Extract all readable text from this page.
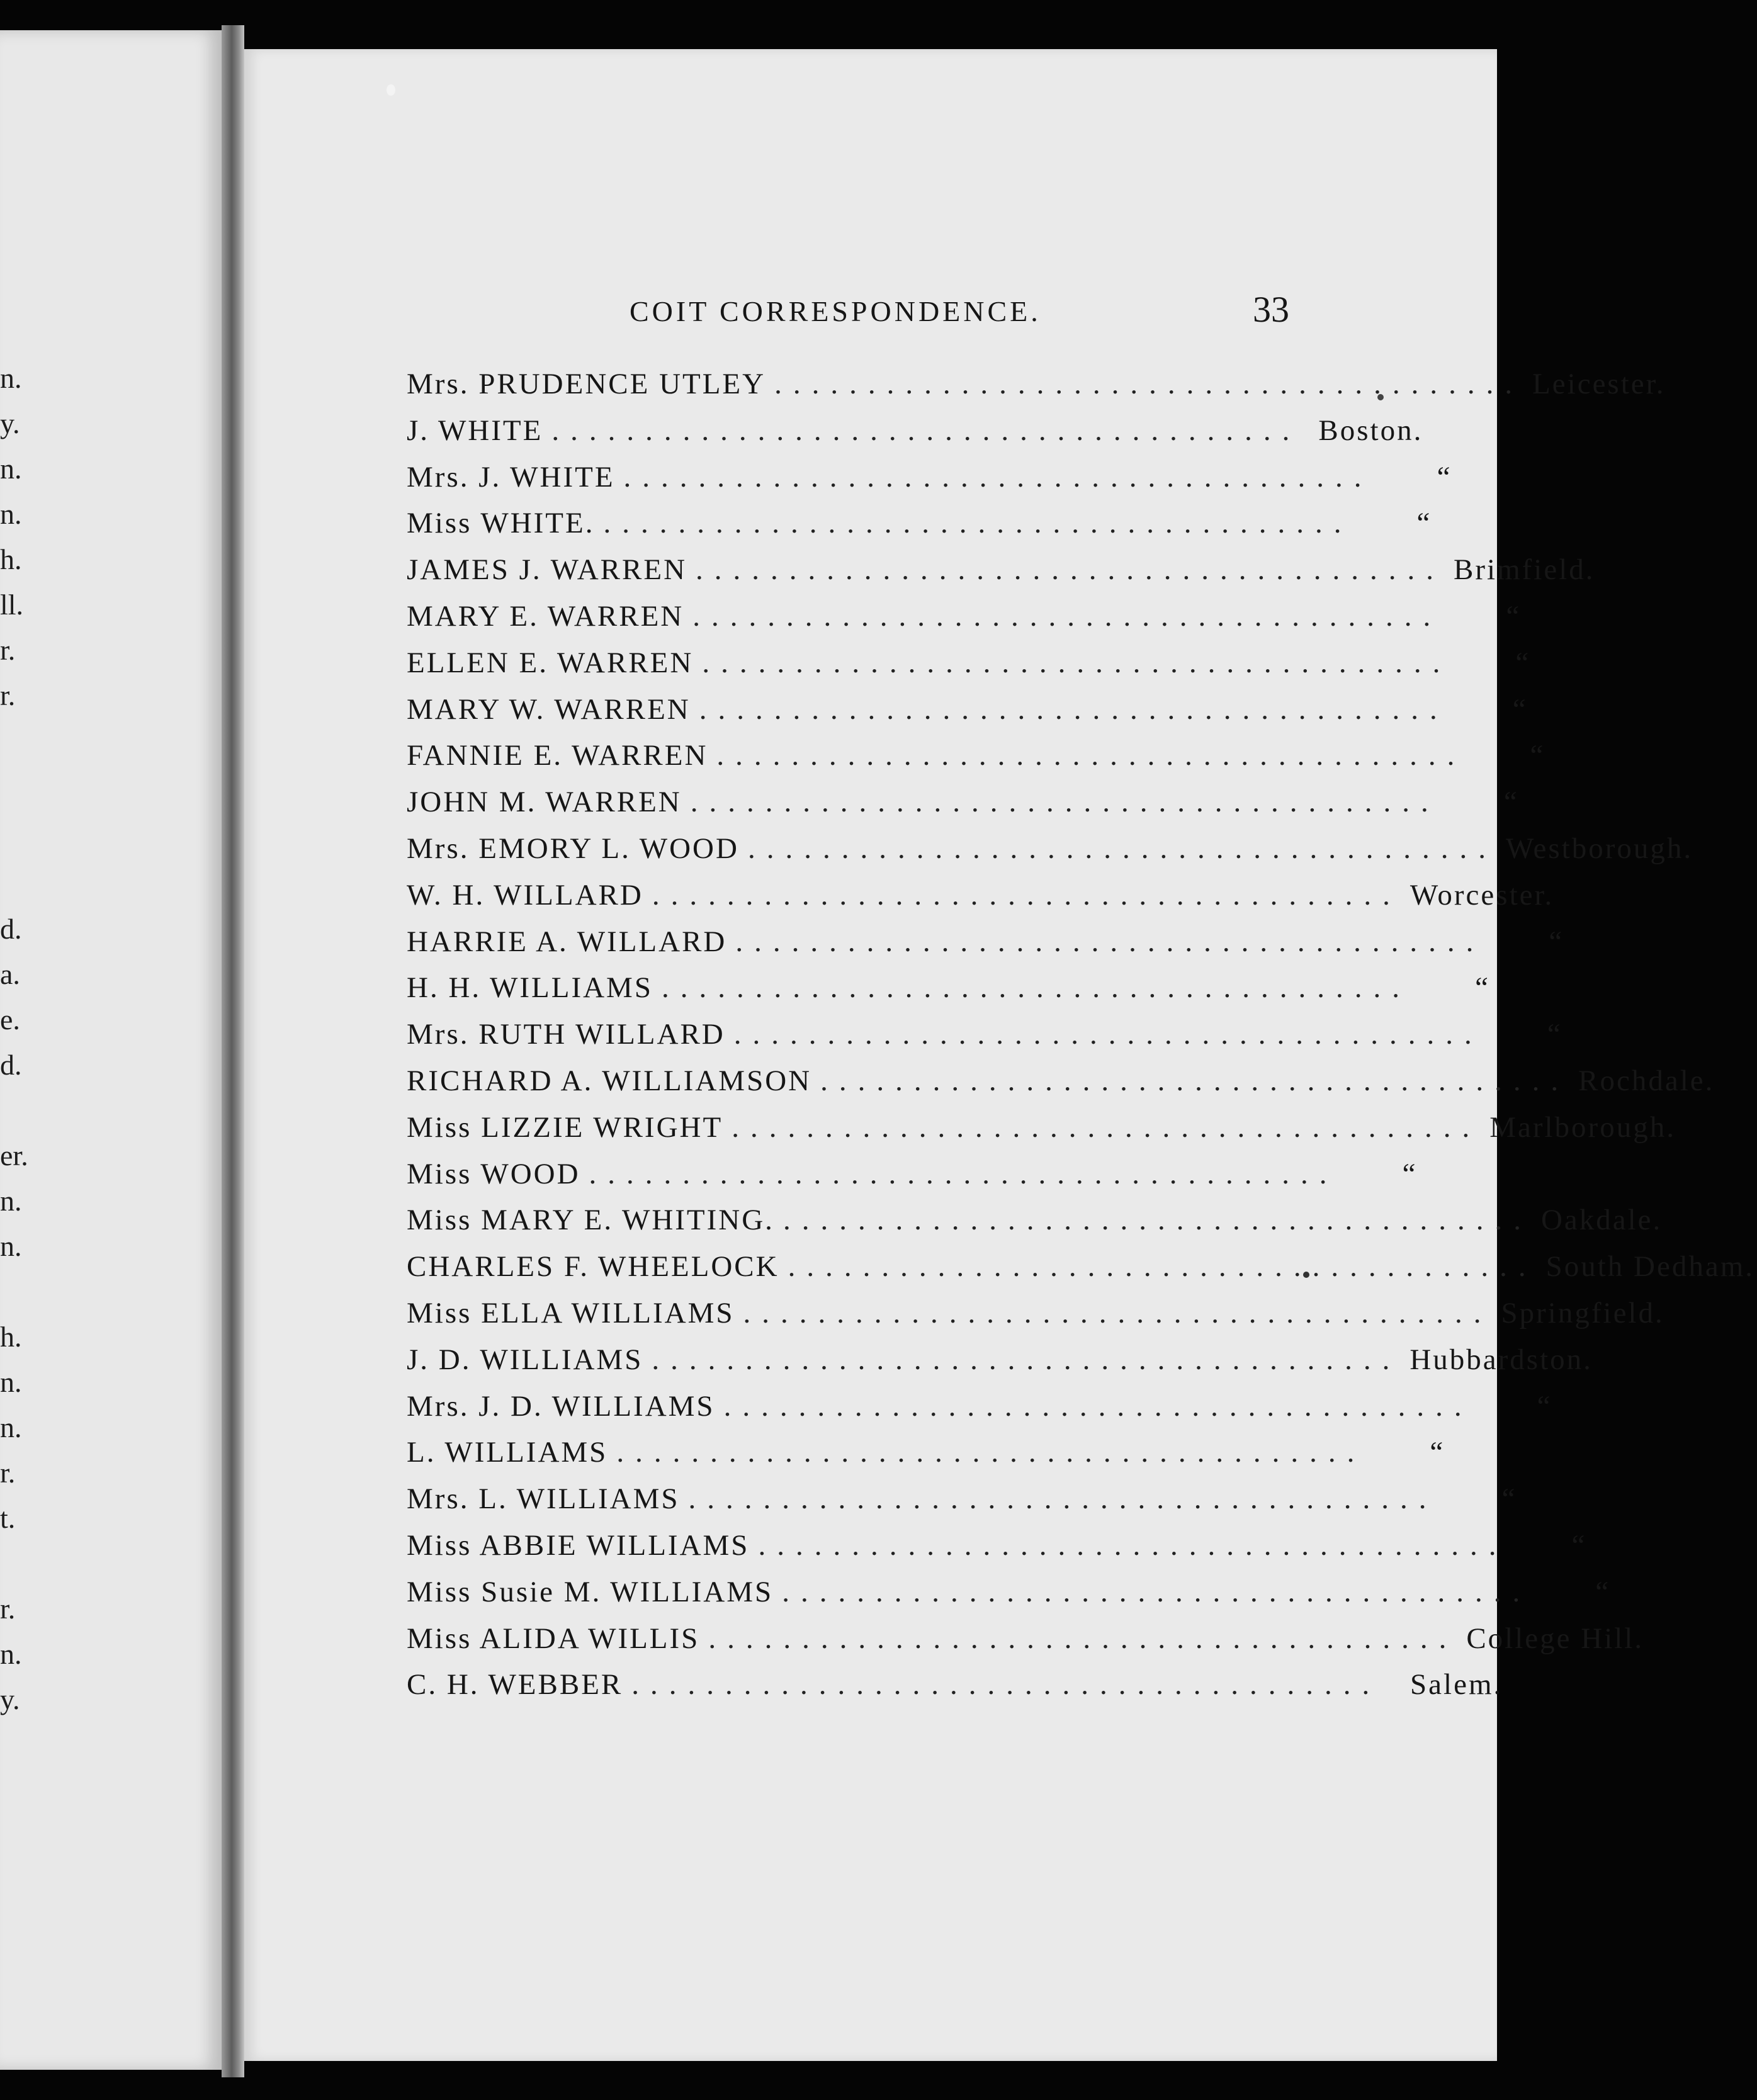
n.
y.
n.
n.
h.
ll.
r.
r.
d.
a.
e.
d.
er.
n.
n.
h.
n.
n.
r.
t.
r.
n.
y.
COIT CORRESPONDENCE.	33
Mrs. PRUDENCE UTLEY ........................................ Leicester.
J. WHITE ........................................ Boston.
Mrs. J. WHITE ........................................	“
Miss WHITE. ........................................	“
JAMES J. WARREN ........................................ Brimfield.
MARY E. WARREN ........................................	“
ELLEN E. WARREN ........................................	“
MARY W. WARREN ........................................	“
FANNIE E. WARREN ........................................	“
JOHN M. WARREN ........................................	“
Mrs. EMORY L. WOOD ........................................ Westborough.
W. H. WILLARD ........................................ Worcester.
HARRIE A. WILLARD ........................................	“
H. H. WILLIAMS ........................................	“
Mrs. RUTH WILLARD ........................................	“
RICHARD A. WILLIAMSON ........................................ Rochdale.
Miss LIZZIE WRIGHT ........................................ Marlborough.
Miss WOOD ........................................	“
Miss MARY E. WHITING. ........................................ Oakdale.
CHARLES F. WHEELOCK ........................................ South Dedham.
Miss ELLA WILLIAMS ........................................ Springfield.
J. D. WILLIAMS ........................................ Hubbardston.
Mrs. J. D. WILLIAMS ........................................	“
L. WILLIAMS ........................................	“
Mrs. L. WILLIAMS ........................................	“
Miss ABBIE WILLIAMS ........................................	“
Miss Susie M. WILLIAMS ........................................	“
Miss ALIDA WILLIS ........................................ College Hill.
C. H. WEBBER ........................................ Salem.
